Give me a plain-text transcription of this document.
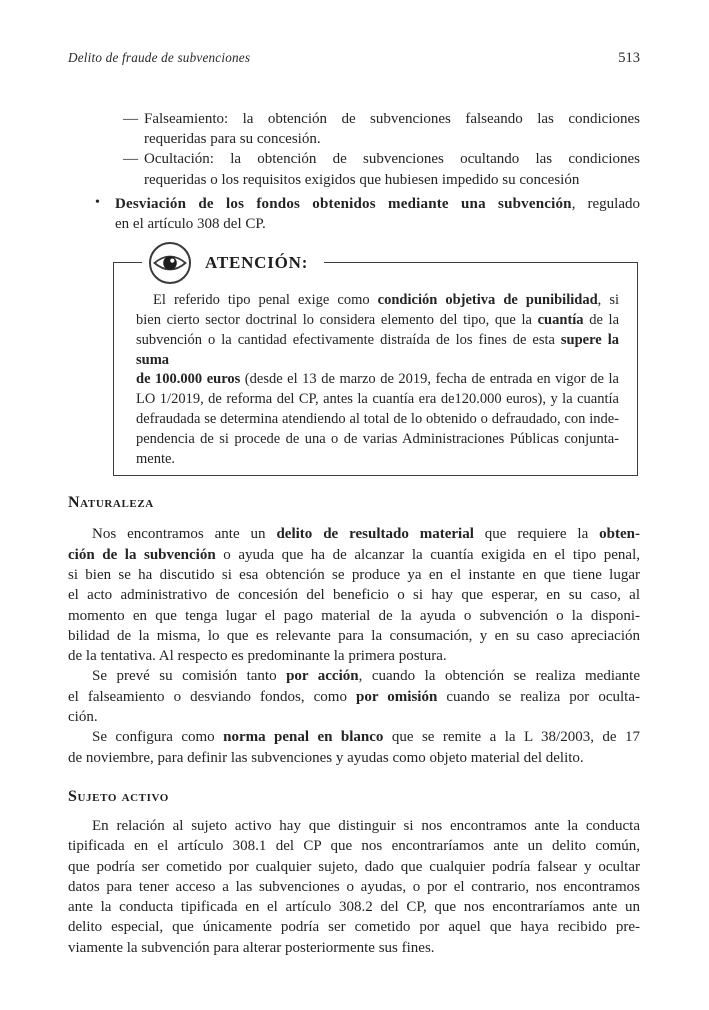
Delito de fraude de subvenciones	513
— Falseamiento: la obtención de subvenciones falseando las condiciones
requeridas para su concesión.
— Ocultación: la obtención de subvenciones ocultando las condiciones
requeridas o los requisitos exigidos que hubiesen impedido su concesión
• Desviación de los fondos obtenidos mediante una subvención, regulado
en el artículo 308 del CP.
ATENCIÓN:
El referido tipo penal exige como condición objetiva de punibilidad, si
bien cierto sector doctrinal lo considera elemento del tipo, que la cuantía de la
subvención o la cantidad efectivamente distraída de los fines de esta supere la suma
de 100.000 euros (desde el 13 de marzo de 2019, fecha de entrada en vigor de la
LO 1/2019, de reforma del CP, antes la cuantía era de120.000 euros), y la cuantía
defraudada se determina atendiendo al total de lo obtenido o defraudado, con inde-
pendencia de si procede de una o de varias Administraciones Públicas conjunta-
mente.
Naturaleza
Nos encontramos ante un delito de resultado material que requiere la obten-
ción de la subvención o ayuda que ha de alcanzar la cuantía exigida en el tipo penal,
si bien se ha discutido si esa obtención se produce ya en el instante en que tiene lugar
el acto administrativo de concesión del beneficio o si hay que esperar, en su caso, al
momento en que tenga lugar el pago material de la ayuda o subvención o la disponi-
bilidad de la misma, lo que es relevante para la consumación, y en su caso apreciación
de la tentativa. Al respecto es predominante la primera postura.
Se prevé su comisión tanto por acción, cuando la obtención se realiza mediante
el falseamiento o desviando fondos, como por omisión cuando se realiza por oculta-
ción.
Se configura como norma penal en blanco que se remite a la L 38/2003, de 17
de noviembre, para definir las subvenciones y ayudas como objeto material del delito.
Sujeto activo
En relación al sujeto activo hay que distinguir si nos encontramos ante la conducta
tipificada en el artículo 308.1 del CP que nos encontraríamos ante un delito común,
que podría ser cometido por cualquier sujeto, dado que cualquier podría falsear y ocultar
datos para tener acceso a las subvenciones o ayudas, o por el contrario, nos encontramos
ante la conducta tipificada en el artículo 308.2 del CP, que nos encontraríamos ante un
delito especial, que únicamente podría ser cometido por aquel que haya recibido pre-
viamente la subvención para alterar posteriormente sus fines.
